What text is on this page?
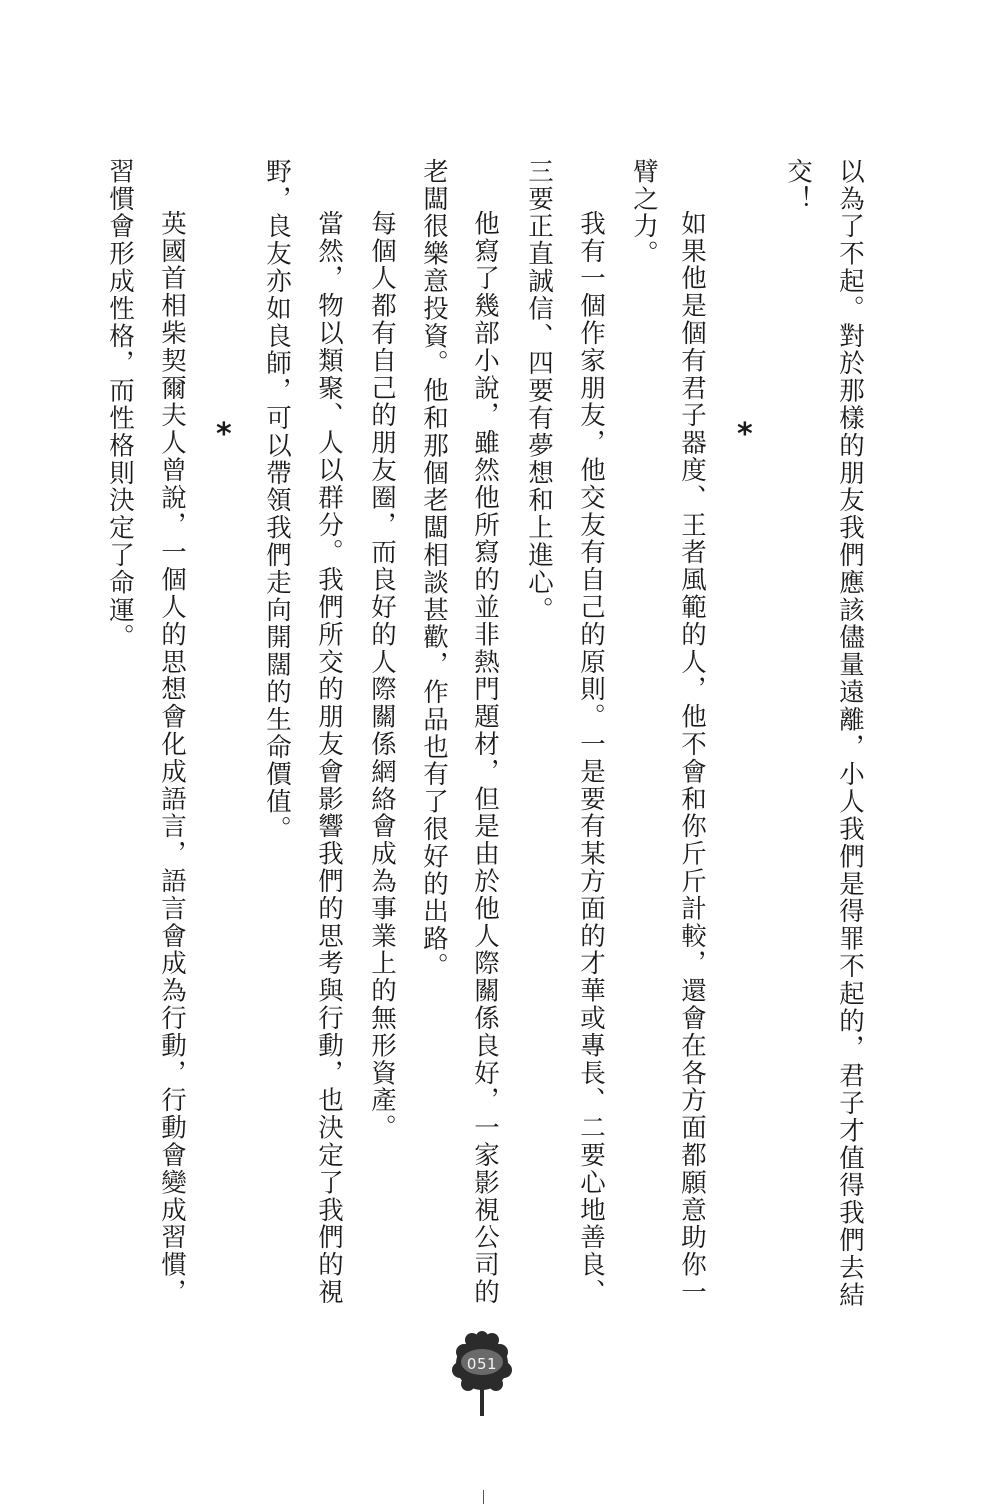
以為了不起。對於那樣的朋友我們應該儘量遠離，小人我們是得罪不起的，君子才值得我們去結

交！

*

如果他是個有君子器度、王者風範的人，他不會和你斤斤計較，還會在各方面都願意助你一

臂之力。

我有一個作家朋友，他交友有自己的原則。一是要有某方面的才華或專長、二要心地善良、

三要正直誠信、四要有夢想和上進心。

他寫了幾部小說，雖然他所寫的並非熱門題材，但是由於他人際關係良好，一家影視公司的

老闆很樂意投資。他和那個老闆相談甚歡，作品也有了很好的出路。

每個人都有自己的朋友圈，而良好的人際關係網絡會成為事業上的無形資產。

當然，物以類聚、人以群分。我們所交的朋友會影響我們的思考與行動，也決定了我們的視

野，良友亦如良師，可以帶領我們走向開闊的生命價值。

*

英國首相柴契爾夫人曾說，一個人的思想會化成語言，語言會成為行動，行動會變成習慣，

習慣會形成性格，而性格則決定了命運。

051
